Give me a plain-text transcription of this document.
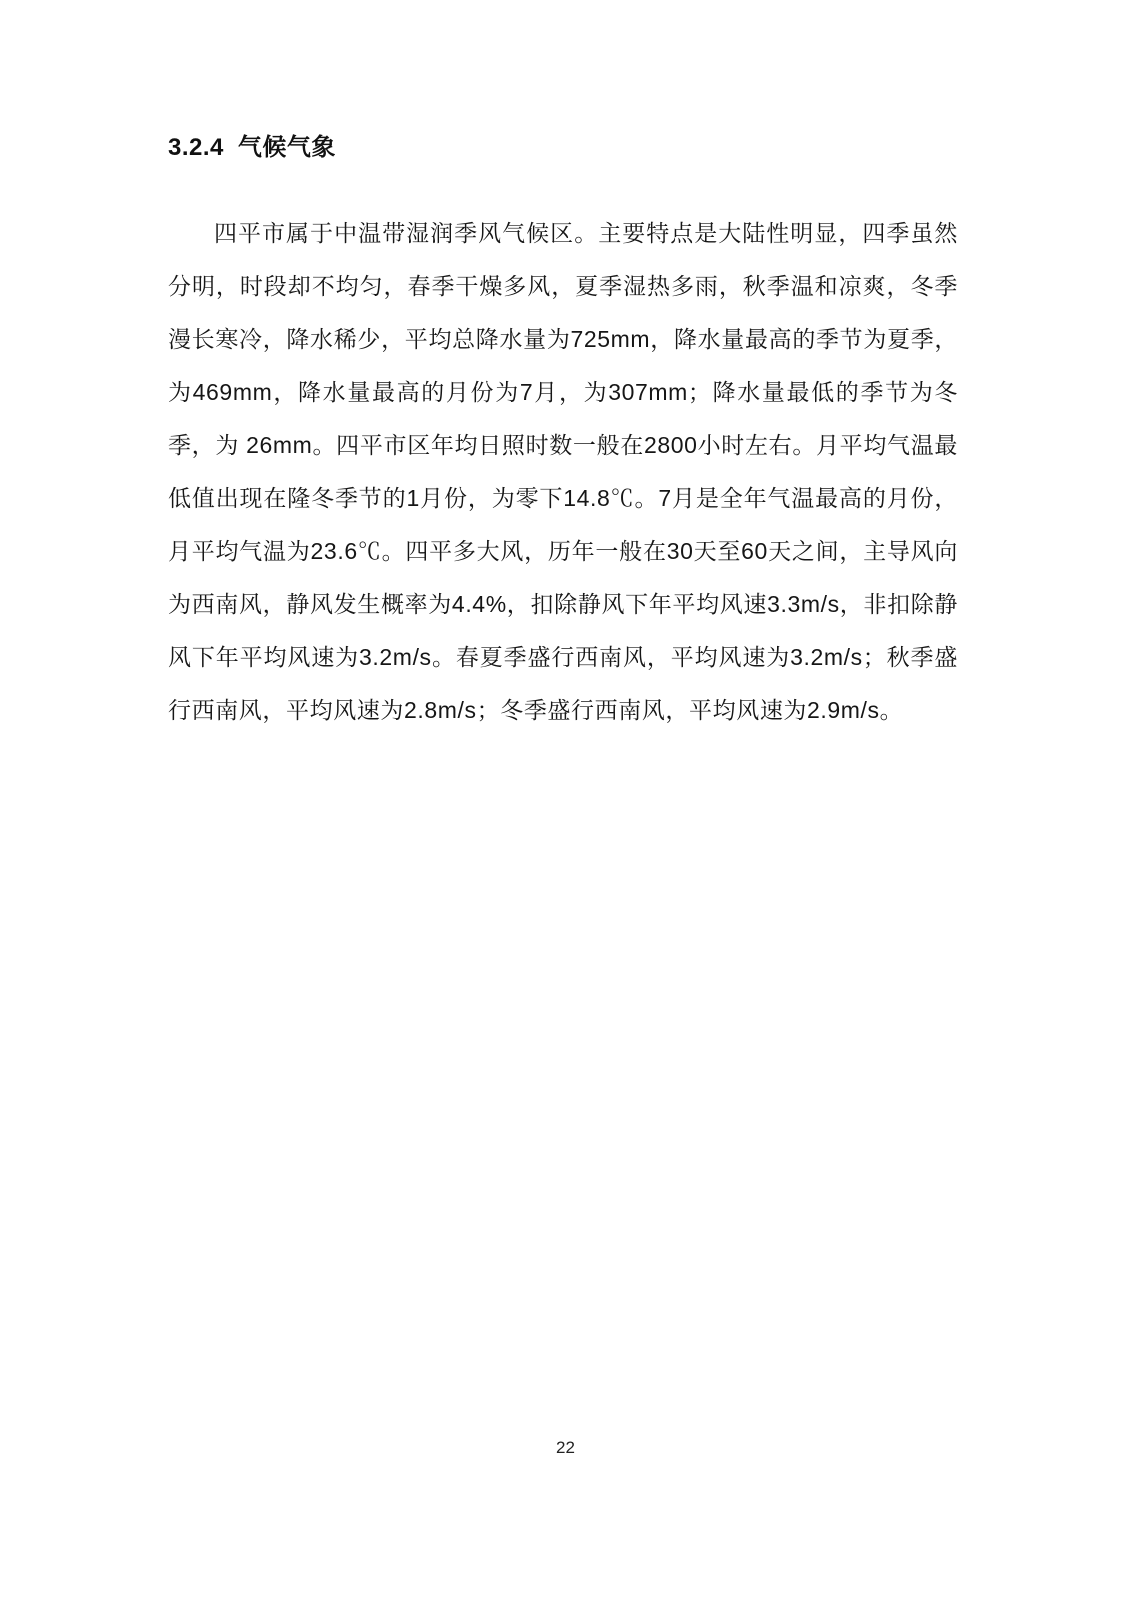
3.2.4 气候气象

四平市属于中温带湿润季风气候区。主要特点是大陆性明显，四季虽然分明，时段却不均匀，春季干燥多风，夏季湿热多雨，秋季温和凉爽，冬季漫长寒冷，降水稀少，平均总降水量为725mm，降水量最高的季节为夏季，为469mm，降水量最高的月份为7月，为307mm；降水量最低的季节为冬季，为 26mm。四平市区年均日照时数一般在2800小时左右。月平均气温最低值出现在隆冬季节的1月份，为零下14.8℃。7月是全年气温最高的月份，月平均气温为23.6℃。四平多大风，历年一般在30天至60天之间，主导风向为西南风，静风发生概率为4.4%，扣除静风下年平均风速3.3m/s，非扣除静风下年平均风速为3.2m/s。春夏季盛行西南风，平均风速为3.2m/s；秋季盛行西南风，平均风速为2.8m/s；冬季盛行西南风，平均风速为2.9m/s。

22
